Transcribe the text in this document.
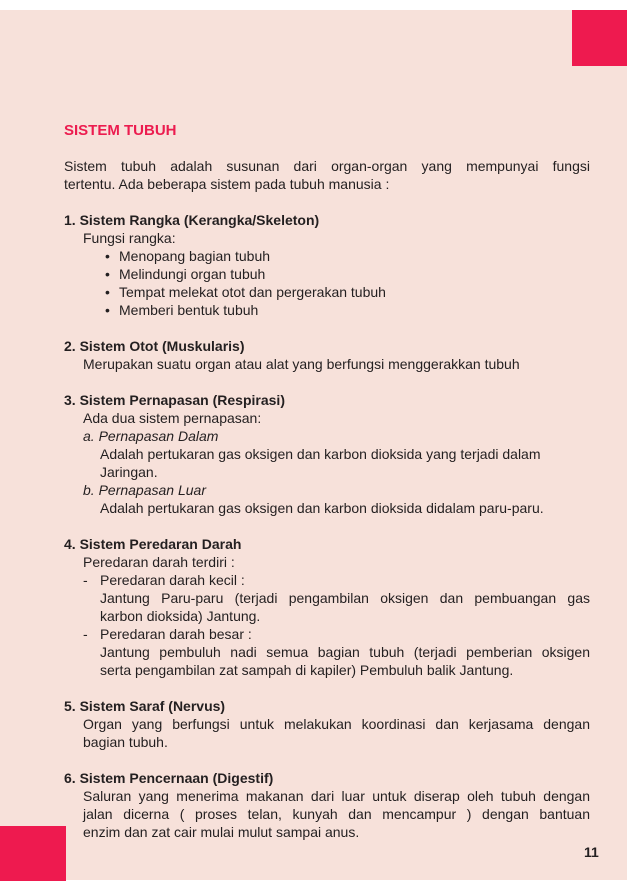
SISTEM TUBUH
Sistem tubuh adalah susunan dari organ-organ yang mempunyai fungsi
tertentu. Ada beberapa sistem pada tubuh manusia :
1. Sistem Rangka (Kerangka/Skeleton)
Fungsi rangka:
• Menopang bagian tubuh
• Melindungi organ tubuh
• Tempat melekat otot dan pergerakan tubuh
• Memberi bentuk tubuh
2. Sistem Otot (Muskularis)
Merupakan suatu organ atau alat yang berfungsi menggerakkan tubuh
3. Sistem Pernapasan (Respirasi)
Ada dua sistem pernapasan:
a. Pernapasan Dalam
Adalah pertukaran gas oksigen dan karbon dioksida yang terjadi dalam
Jaringan.
b. Pernapasan Luar
Adalah pertukaran gas oksigen dan karbon dioksida didalam paru-paru.
4. Sistem Peredaran Darah
Peredaran darah terdiri :
- Peredaran darah kecil :
Jantung Paru-paru (terjadi pengambilan oksigen dan pembuangan gas
karbon dioksida) Jantung.
- Peredaran darah besar :
Jantung pembuluh nadi semua bagian tubuh (terjadi pemberian oksigen
serta pengambilan zat sampah di kapiler) Pembuluh balik Jantung.
5. Sistem Saraf (Nervus)
Organ yang berfungsi untuk melakukan koordinasi dan kerjasama dengan
bagian tubuh.
6. Sistem Pencernaan (Digestif)
Saluran yang menerima makanan dari luar untuk diserap oleh tubuh dengan
jalan dicerna ( proses telan, kunyah dan mencampur ) dengan bantuan
enzim dan zat cair mulai mulut sampai anus.
11
